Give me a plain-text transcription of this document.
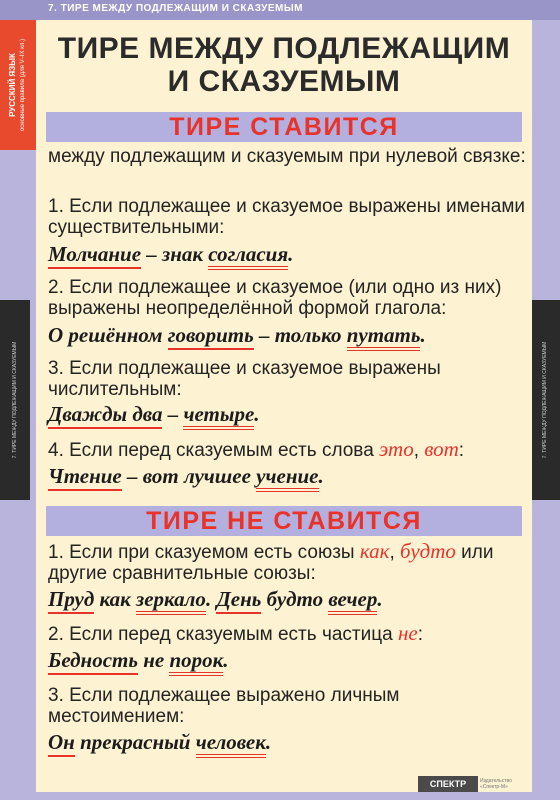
7. ТИРЕ МЕЖДУ ПОДЛЕЖАЩИМ И СКАЗУЕМЫМ
РУССКИЙ ЯЗЫК основные правила (для V–IX кл.)
7. ТИРЕ МЕЖДУ ПОДЛЕЖАЩИМ И СКАЗУЕМЫМ	7. ТИРЕ МЕЖДУ ПОДЛЕЖАЩИМ И СКАЗУЕМЫМ
ТИРЕ МЕЖДУ ПОДЛЕЖАЩИМ
И СКАЗУЕМЫМ
ТИРЕ СТАВИТСЯ
между подлежащим и сказуемым при нулевой связке:
1. Если подлежащее и сказуемое выражены именами существительными:
Молчание – знак согласия.
2. Если подлежащее и сказуемое (или одно из них) выражены неопределённой формой глагола:
О решённом говорить – только путать.
3. Если подлежащее и сказуемое выражены числительным:
Дважды два – четыре.
4. Если перед сказуемым есть слова это, вот:
Чтение – вот лучшее учение.
ТИРЕ НЕ СТАВИТСЯ
1. Если при сказуемом есть союзы как, будто или другие сравнительные союзы:
Пруд как зеркало. День будто вечер.
2. Если перед сказуемым есть частица не:
Бедность не порок.
3. Если подлежащее выражено личным местоимением:
Он прекрасный человек.
СПЕКТР	Издательство «Спектр-М»
